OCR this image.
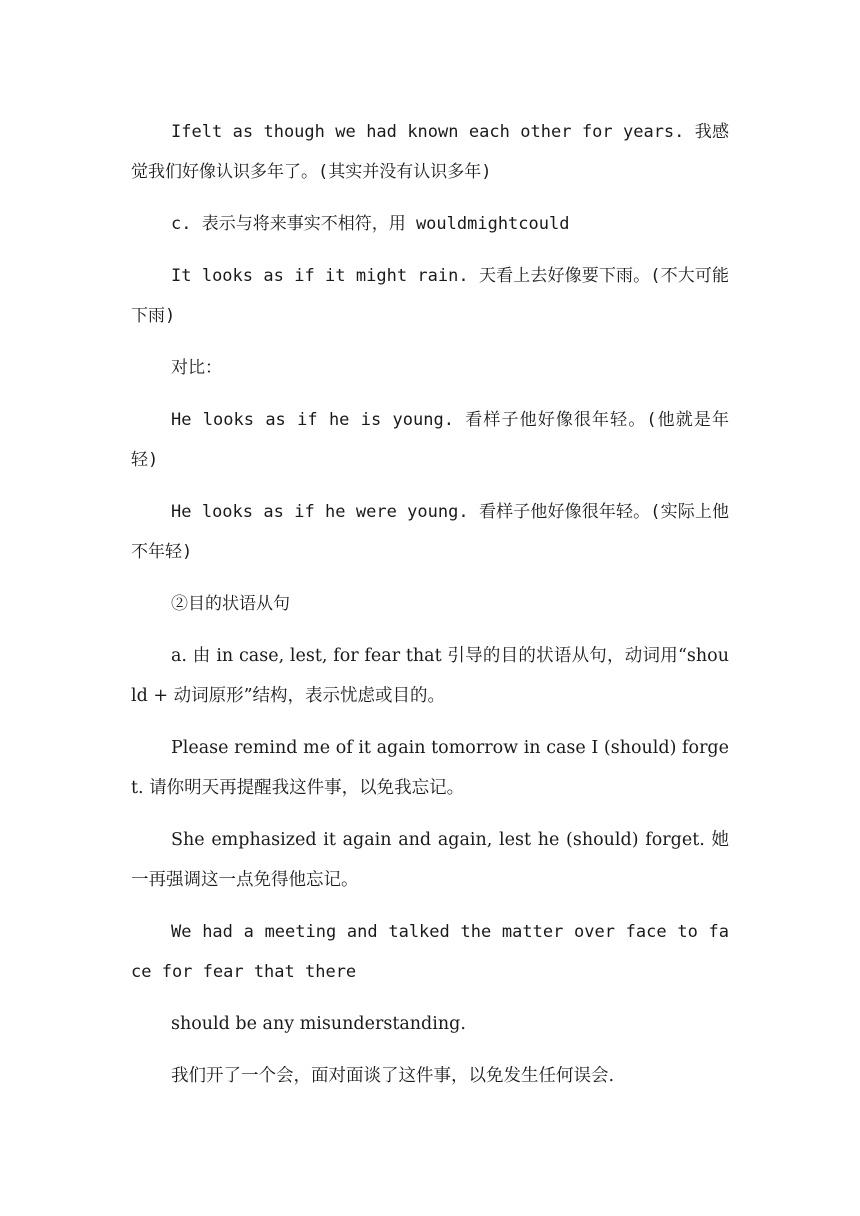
Ifelt as though we had known each other for years. 我感觉我们好像认识多年了。(其实并没有认识多年)

c. 表示与将来事实不相符，用 wouldmightcould

It looks as if it might rain. 天看上去好像要下雨。(不大可能下雨)

对比：

He looks as if he is young. 看样子他好像很年轻。(他就是年轻)

He looks as if he were young. 看样子他好像很年轻。(实际上他不年轻)

②目的状语从句

a. 由 in case, lest, for fear that 引导的目的状语从句，动词用“should + 动词原形”结构，表示忧虑或目的。

Please remind me of it again tomorrow in case I (should) forget. 请你明天再提醒我这件事，以免我忘记。

She emphasized it again and again, lest he (should) forget. 她一再强调这一点免得他忘记。

We had a meeting and talked the matter over face to face for fear that there

should be any misunderstanding.

我们开了一个会，面对面谈了这件事，以免发生任何误会.
